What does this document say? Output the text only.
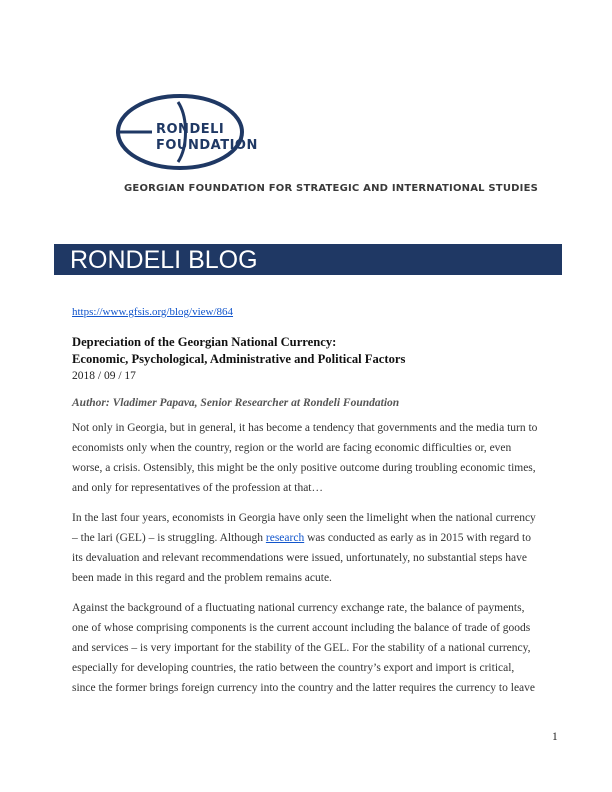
RONDELI
FOUNDATION
GEORGIAN FOUNDATION FOR STRATEGIC AND INTERNATIONAL STUDIES
RONDELI BLOG
https://www.gfsis.org/blog/view/864
Depreciation of the Georgian National Currency:
Economic, Psychological, Administrative and Political Factors
2018 / 09 / 17
Author: Vladimer Papava, Senior Researcher at Rondeli Foundation
Not only in Georgia, but in general, it has become a tendency that governments and the media turn to
economists only when the country, region or the world are facing economic difficulties or, even
worse, a crisis. Ostensibly, this might be the only positive outcome during troubling economic times,
and only for representatives of the profession at that…
In the last four years, economists in Georgia have only seen the limelight when the national currency
– the lari (GEL) – is struggling. Although research was conducted as early as in 2015 with regard to
its devaluation and relevant recommendations were issued, unfortunately, no substantial steps have
been made in this regard and the problem remains acute.
Against the background of a fluctuating national currency exchange rate, the balance of payments,
one of whose comprising components is the current account including the balance of trade of goods
and services – is very important for the stability of the GEL. For the stability of a national currency,
especially for developing countries, the ratio between the country’s export and import is critical,
since the former brings foreign currency into the country and the latter requires the currency to leave
1
